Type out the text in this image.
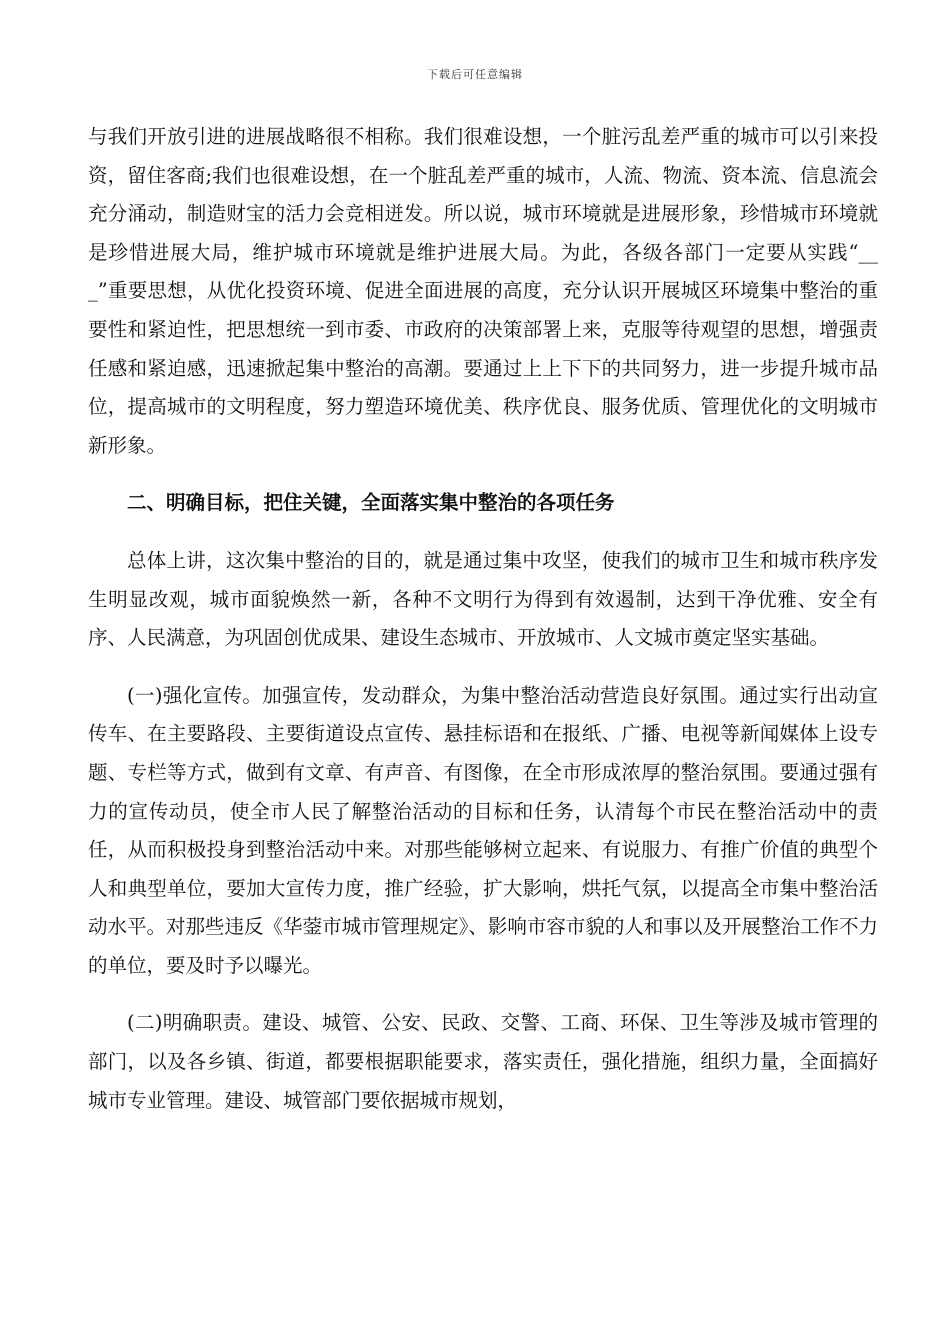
下载后可任意编辑

与我们开放引进的进展战略很不相称。我们很难设想，一个脏污乱差严重的城市可以引来投资，留住客商;我们也很难设想，在一个脏乱差严重的城市，人流、物流、资本流、信息流会充分涌动，制造财宝的活力会竞相迸发。所以说，城市环境就是进展形象，珍惜城市环境就是珍惜进展大局，维护城市环境就是维护进展大局。为此，各级各部门一定要从实践“___”重要思想，从优化投资环境、促进全面进展的高度，充分认识开展城区环境集中整治的重要性和紧迫性，把思想统一到市委、市政府的决策部署上来，克服等待观望的思想，增强责任感和紧迫感，迅速掀起集中整治的高潮。要通过上上下下的共同努力，进一步提升城市品位，提高城市的文明程度，努力塑造环境优美、秩序优良、服务优质、管理优化的文明城市新形象。

二、明确目标，把住关键，全面落实集中整治的各项任务

总体上讲，这次集中整治的目的，就是通过集中攻坚，使我们的城市卫生和城市秩序发生明显改观，城市面貌焕然一新，各种不文明行为得到有效遏制，达到干净优雅、安全有序、人民满意，为巩固创优成果、建设生态城市、开放城市、人文城市奠定坚实基础。

(一)强化宣传。加强宣传，发动群众，为集中整治活动营造良好氛围。通过实行出动宣传车、在主要路段、主要街道设点宣传、悬挂标语和在报纸、广播、电视等新闻媒体上设专题、专栏等方式，做到有文章、有声音、有图像，在全市形成浓厚的整治氛围。要通过强有力的宣传动员，使全市人民了解整治活动的目标和任务，认清每个市民在整治活动中的责任，从而积极投身到整治活动中来。对那些能够树立起来、有说服力、有推广价值的典型个人和典型单位，要加大宣传力度，推广经验，扩大影响，烘托气氛，以提高全市集中整治活动水平。对那些违反《华蓥市城市管理规定》、影响市容市貌的人和事以及开展整治工作不力的单位，要及时予以曝光。

(二)明确职责。建设、城管、公安、民政、交警、工商、环保、卫生等涉及城市管理的部门，以及各乡镇、街道，都要根据职能要求，落实责任，强化措施，组织力量，全面搞好城市专业管理。建设、城管部门要依据城市规划，
